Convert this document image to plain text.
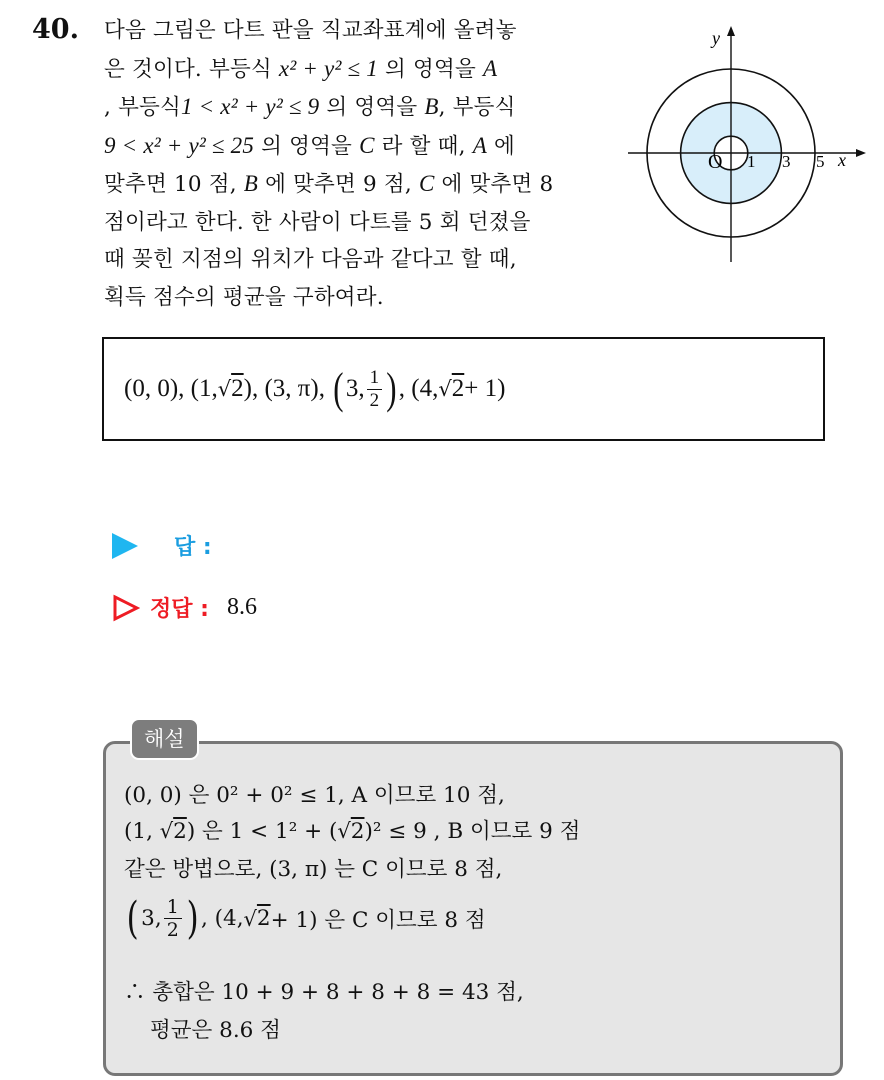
40. 다음 그림은 다트 판을 직교좌표계에 올려놓
은 것이다. 부등식 x² + y² ≤ 1 의 영역을 A
, 부등식1 < x² + y² ≤ 9 의 영역을 B, 부등식
9 < x² + y² ≤ 25 의 영역을 C 라 할 때, A 에
맞추면 10 점, B 에 맞추면 9 점, C 에 맞추면 8
점이라고 한다. 한 사람이 다트를 5 회 던졌을
때 꽂힌 지점의 위치가 다음과 같다고 할 때,
획득 점수의 평균을 구하여라.
y
x
O 1 3 5
(0, 0),
(1, √ 2 ),
(3, π),
( 3, $\frac{1}{2}$ ) , (4, √ 2 + 1)
답 :
정답 : 8.6
해설
(0, 0) 은 0² + 0² ≤ 1, A 이므로 10 점,
(1, √2) 은 1 < 1² + (√2)² ≤ 9 , B 이므로 9 점
같은 방법으로, (3, π) 는 C 이므로 8 점,
( 3, $\frac{1}{2}$ ) , (4, √ 2 + 1) 은 C 이므로 8 점
∴ 총합은 10 + 9 + 8 + 8 + 8 = 43 점,
평균은 8.6 점
